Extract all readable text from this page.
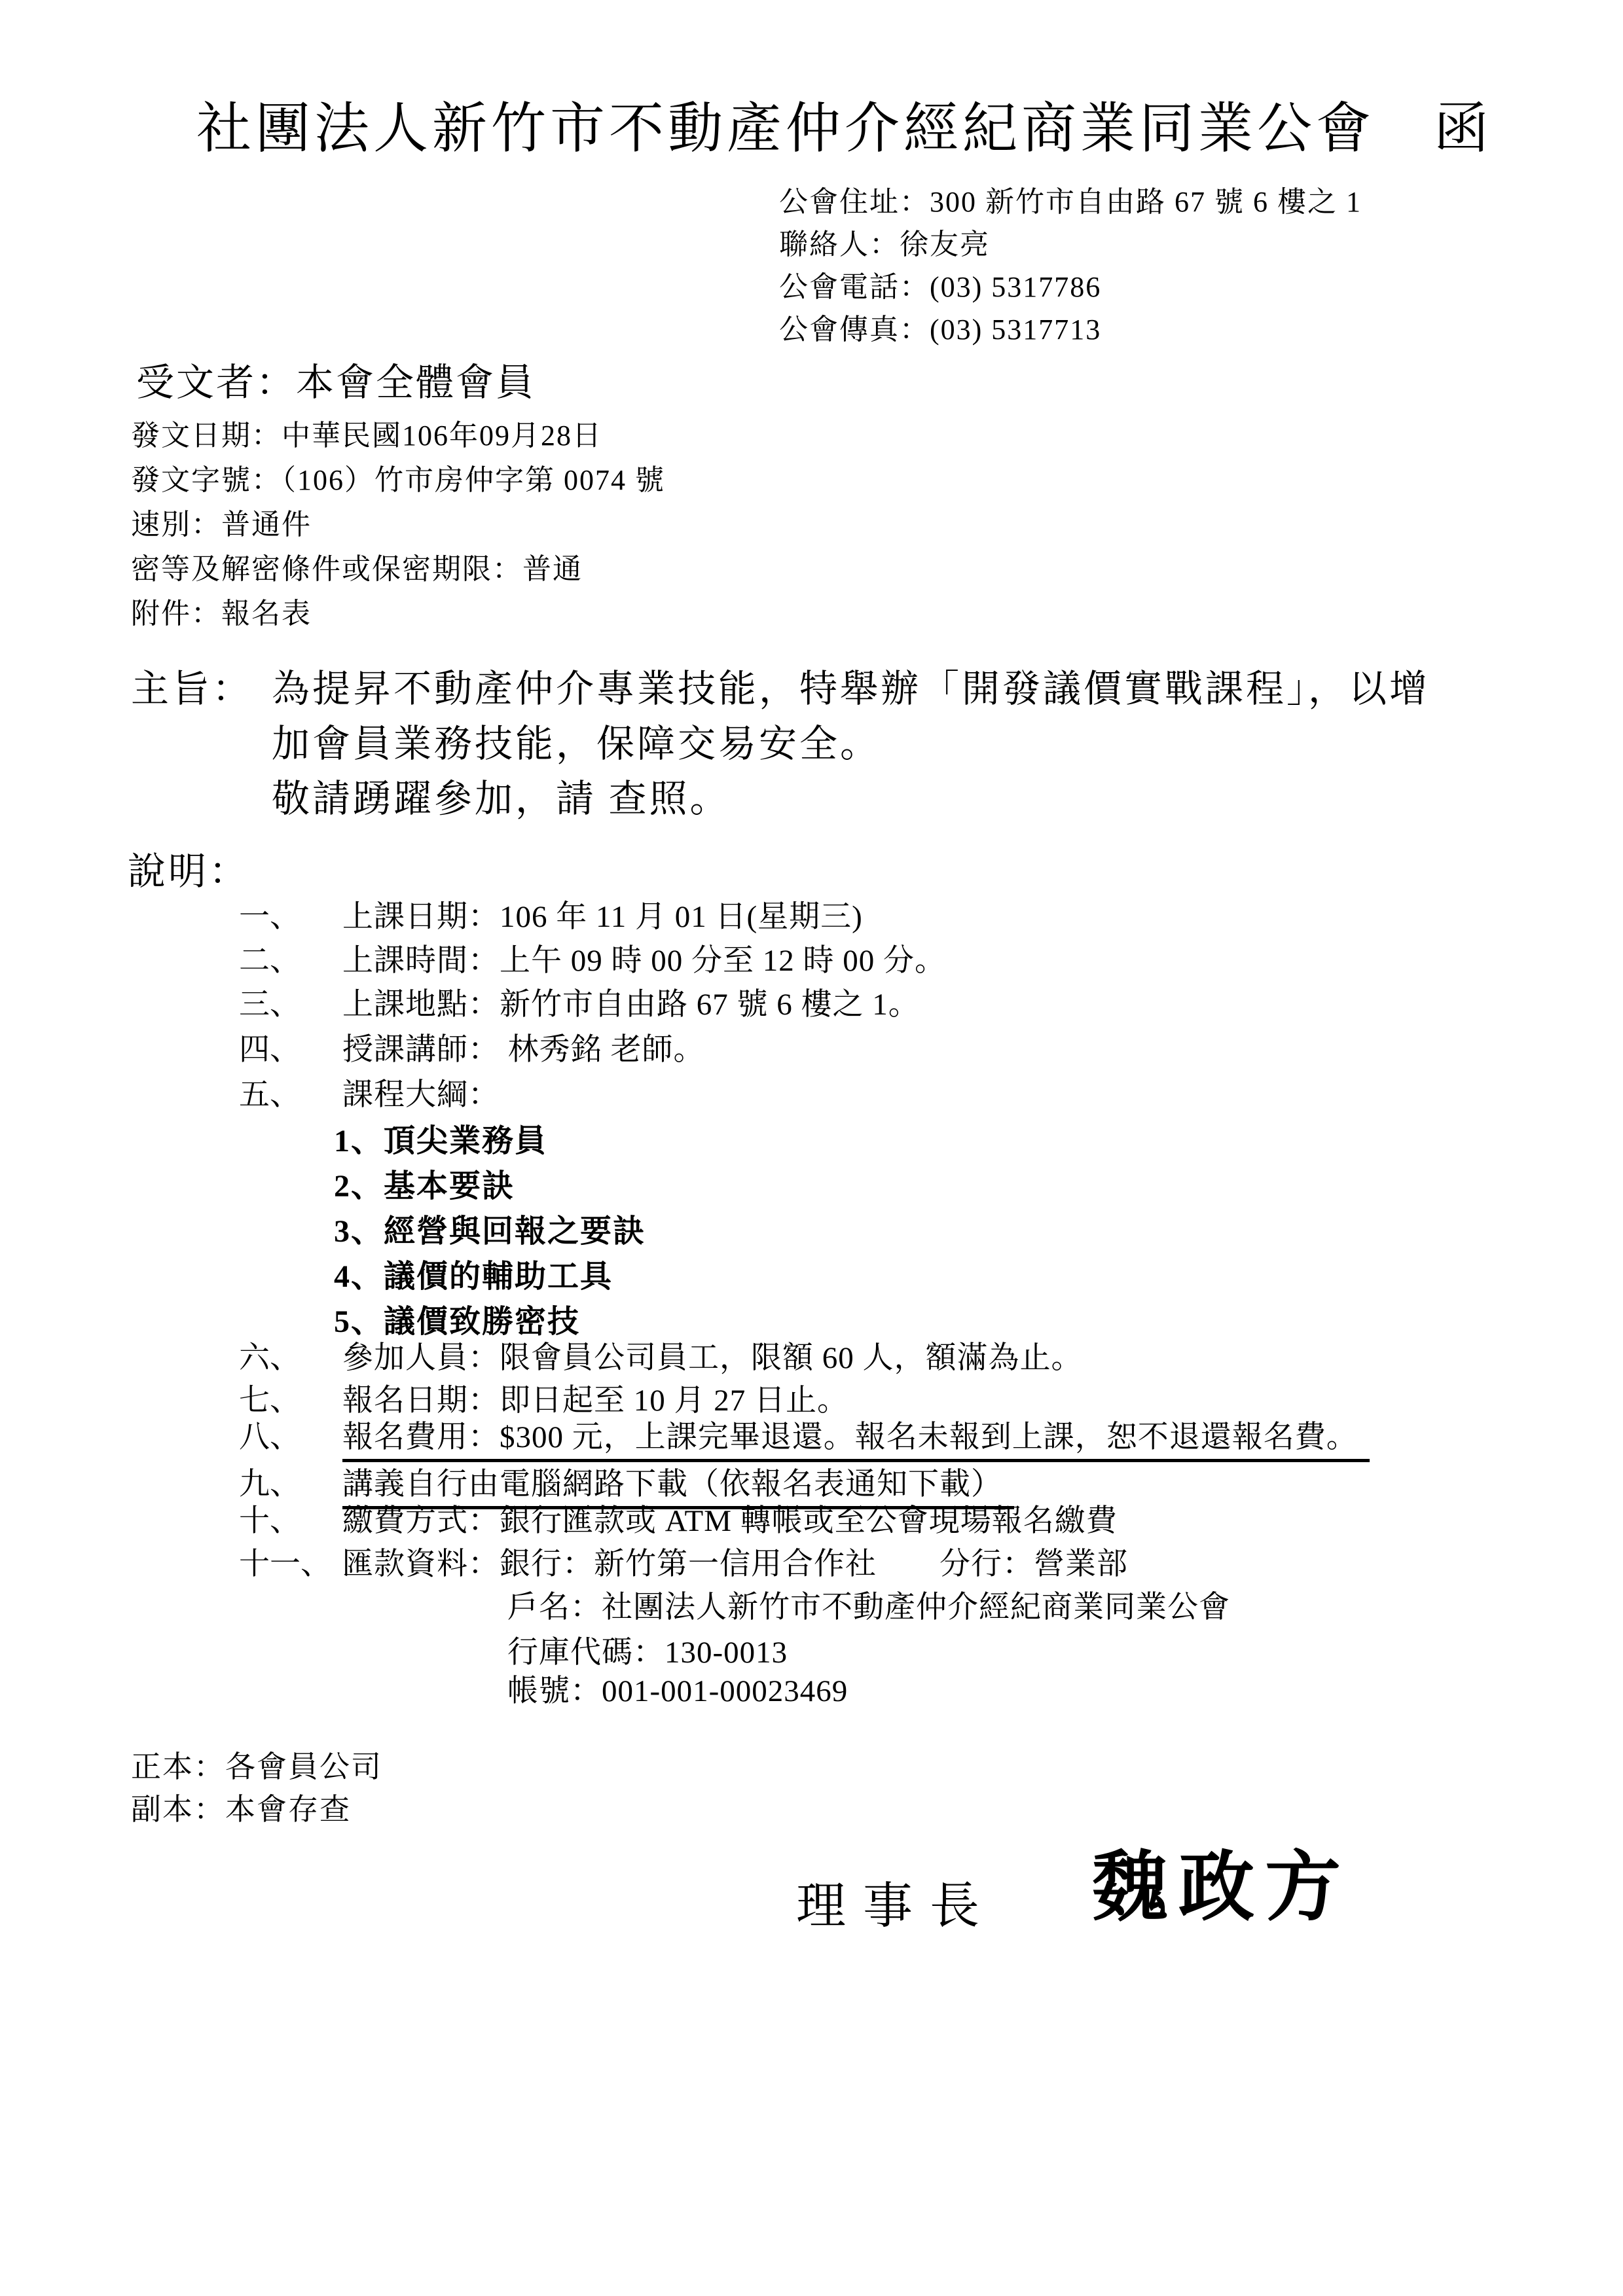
社團法人新竹市不動產仲介經紀商業同業公會　函
公會住址：300 新竹市自由路 67 號 6 樓之 1
聯絡人：徐友亮
公會電話：(03) 5317786
公會傳真：(03) 5317713
受文者：本會全體會員
發文日期：中華民國106年09月28日
發文字號：（106）竹市房仲字第 0074 號
速別：普通件
密等及解密條件或保密期限：普通
附件：報名表
主旨： 為提昇不動產仲介專業技能，特舉辦「開發議價實戰課程」，以增
加會員業務技能，保障交易安全。
敬請踴躍參加，請 查照。
說明：
一、 上課日期：106 年 11 月 01 日(星期三)
二、 上課時間：上午 09 時 00 分至 12 時 00 分。
三、 上課地點：新竹市自由路 67 號 6 樓之 1。
四、 授課講師： 林秀銘 老師。
五、 課程大綱：
1、頂尖業務員
2、基本要訣
3、經營與回報之要訣
4、議價的輔助工具
5、議價致勝密技
六、 參加人員：限會員公司員工，限額 60 人，額滿為止。
七、 報名日期：即日起至 10 月 27 日止。
八、 報名費用：$300 元，上課完畢退還。報名未報到上課，恕不退還報名費。
九、 講義自行由電腦網路下載（依報名表通知下載）
十、 繳費方式：銀行匯款或 ATM 轉帳或至公會現場報名繳費
十一、 匯款資料：銀行：新竹第一信用合作社　　分行：營業部
戶名：社團法人新竹市不動產仲介經紀商業同業公會
行庫代碼：130-0013
帳號：001-001-00023469
正本：各會員公司
副本：本會存查
理事長 魏政方
